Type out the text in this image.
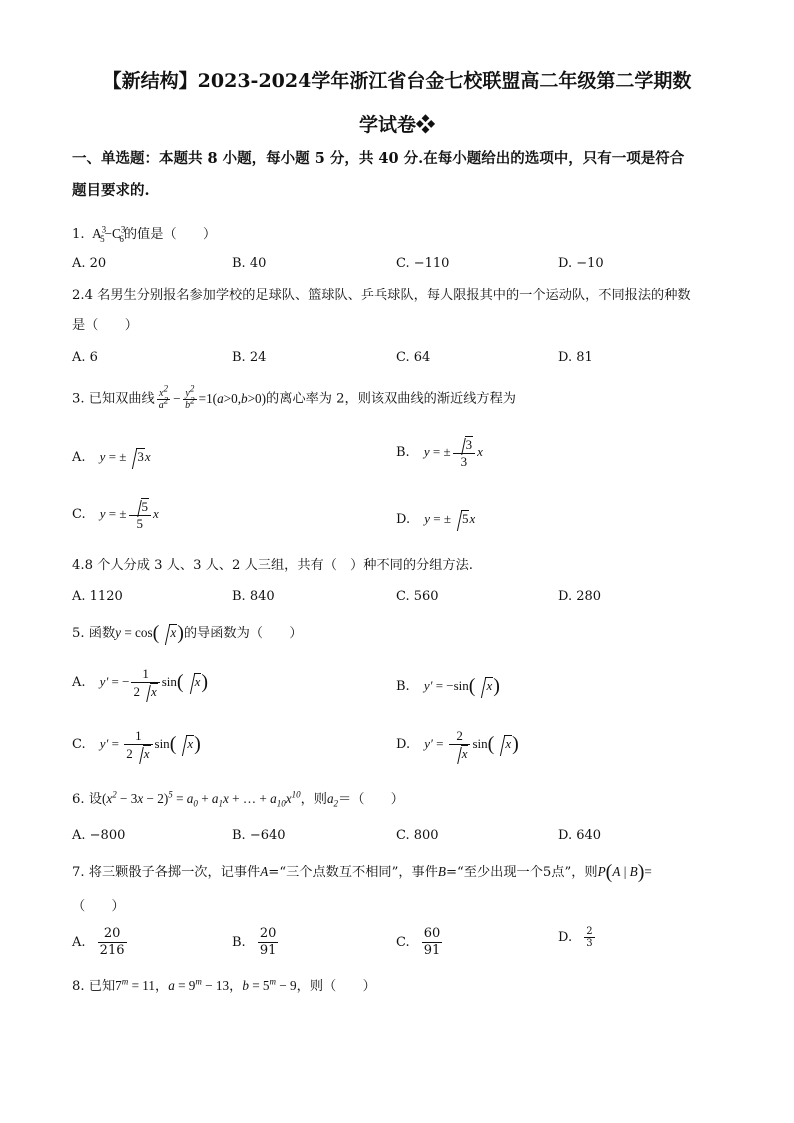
【新结构】2023-2024学年浙江省台金七校联盟高二年级第二学期数
学试卷❖
一、单选题：本题共 8 小题，每小题 5 分，共 40 分.在每小题给出的选项中，只有一项是符合
题目要求的.
1.  $A^3_5-C^3_6$的值是（　　）
A. 20	B. 40	C. −110	D. −10
2.4 名男生分别报名参加学校的足球队、篮球队、乒乓球队，每人限报其中的一个运动队，不同报法的种数
是（　　）
A. 6	B. 24	C. 64	D. 81
3. 已知双曲线 $\frac{x^2}{a^2} - \frac{y^2}{b^2} =1(a>0,b>0)$的离心率为 2，则该双曲线的渐近线方程为
A. y = ± 3x	B. y = ± $\frac{3}{3}$ x
C. y = ± $\frac{5}{5}$ x	D. y = ± 5x
4.8 个人分成 3 人、3 人、2 人三组，共有（　）种不同的分组方法.
A. 1120	B. 840	C. 560	D. 280
5. 函数y = cos( x)的导函数为（　　）
A. y′ = − $\frac{1}{2 x} \sin$( x)	B. y′ = −sin( x)
C. $y' = \frac{1}{2 x} \sin$( x)	D. $y' = \frac{2}{x} \sin$( x)
6. 设$(x^2 - 3x - 2)^5 = a_0 + a_1x$ + … + $a_{10}x^{10}$，则$a_2=$（　　）
A. −800	B. −640	C. 800	D. 640
7. 将三颗骰子各掷一次，记事件A=“三个点数互不相同”，事件B=“至少出现一个5点”，则P(A | B)=
（　　）
A. $\frac{20}{216}$	B. $\frac{20}{91}$	C. $\frac{60}{91}$	D. $\frac{2}{3}$
8. 已知$7^m = 11$，$a = 9^m - 13$，$b = 5^m - 9$，则（　　）
